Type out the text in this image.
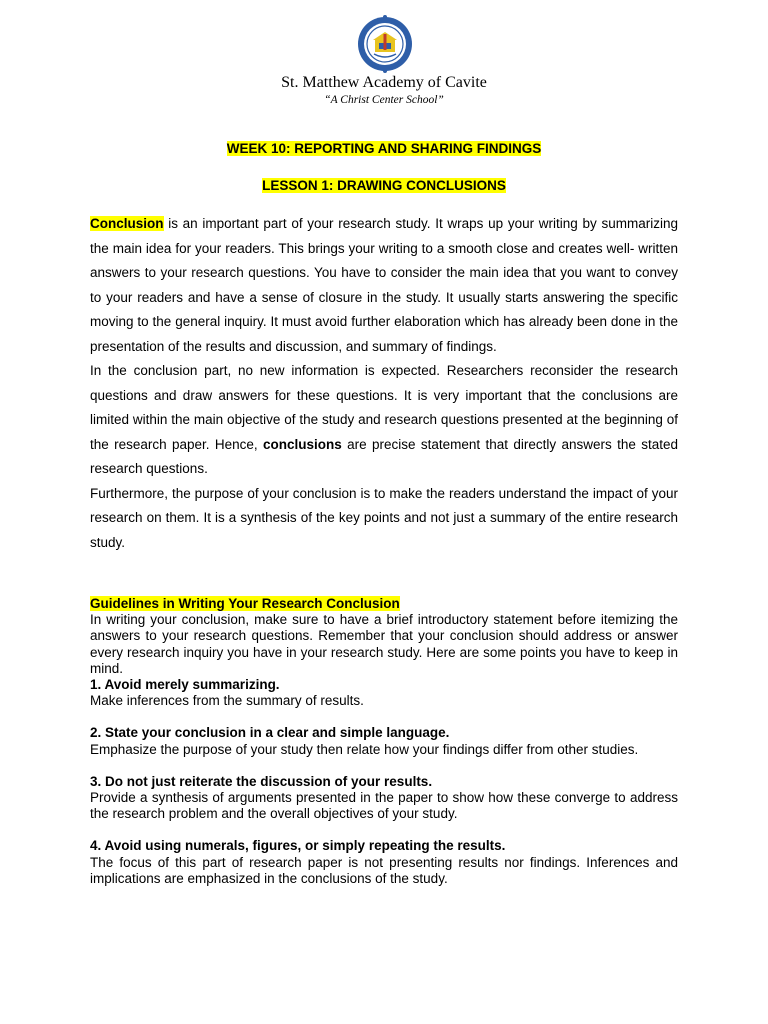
St. Matthew Academy of Cavite
“A Christ Center School”
WEEK 10: REPORTING AND SHARING FINDINGS
LESSON 1: DRAWING CONCLUSIONS

Conclusion is an important part of your research study. It wraps up your writing by summarizing the main idea for your readers. This brings your writing to a smooth close and creates well- written answers to your research questions. You have to consider the main idea that you want to convey to your readers and have a sense of closure in the study. It usually starts answering the specific moving to the general inquiry. It must avoid further elaboration which has already been done in the presentation of the results and discussion, and summary of findings.

In the conclusion part, no new information is expected. Researchers reconsider the research questions and draw answers for these questions. It is very important that the conclusions are limited within the main objective of the study and research questions presented at the beginning of the research paper. Hence, conclusions are precise statement that directly answers the stated research questions.

Furthermore, the purpose of your conclusion is to make the readers understand the impact of your research on them. It is a synthesis of the key points and not just a summary of the entire research study.

Guidelines in Writing Your Research Conclusion

In writing your conclusion, make sure to have a brief introductory statement before itemizing the answers to your research questions. Remember that your conclusion should address or answer every research inquiry you have in your research study. Here are some points you have to keep in mind.

1. Avoid merely summarizing.

Make inferences from the summary of results.

2. State your conclusion in a clear and simple language.

Emphasize the purpose of your study then relate how your findings differ from other studies.

3. Do not just reiterate the discussion of your results.

Provide a synthesis of arguments presented in the paper to show how these converge to address the research problem and the overall objectives of your study.

4. Avoid using numerals, figures, or simply repeating the results.

The focus of this part of research paper is not presenting results nor findings. Inferences and implications are emphasized in the conclusions of the study.
